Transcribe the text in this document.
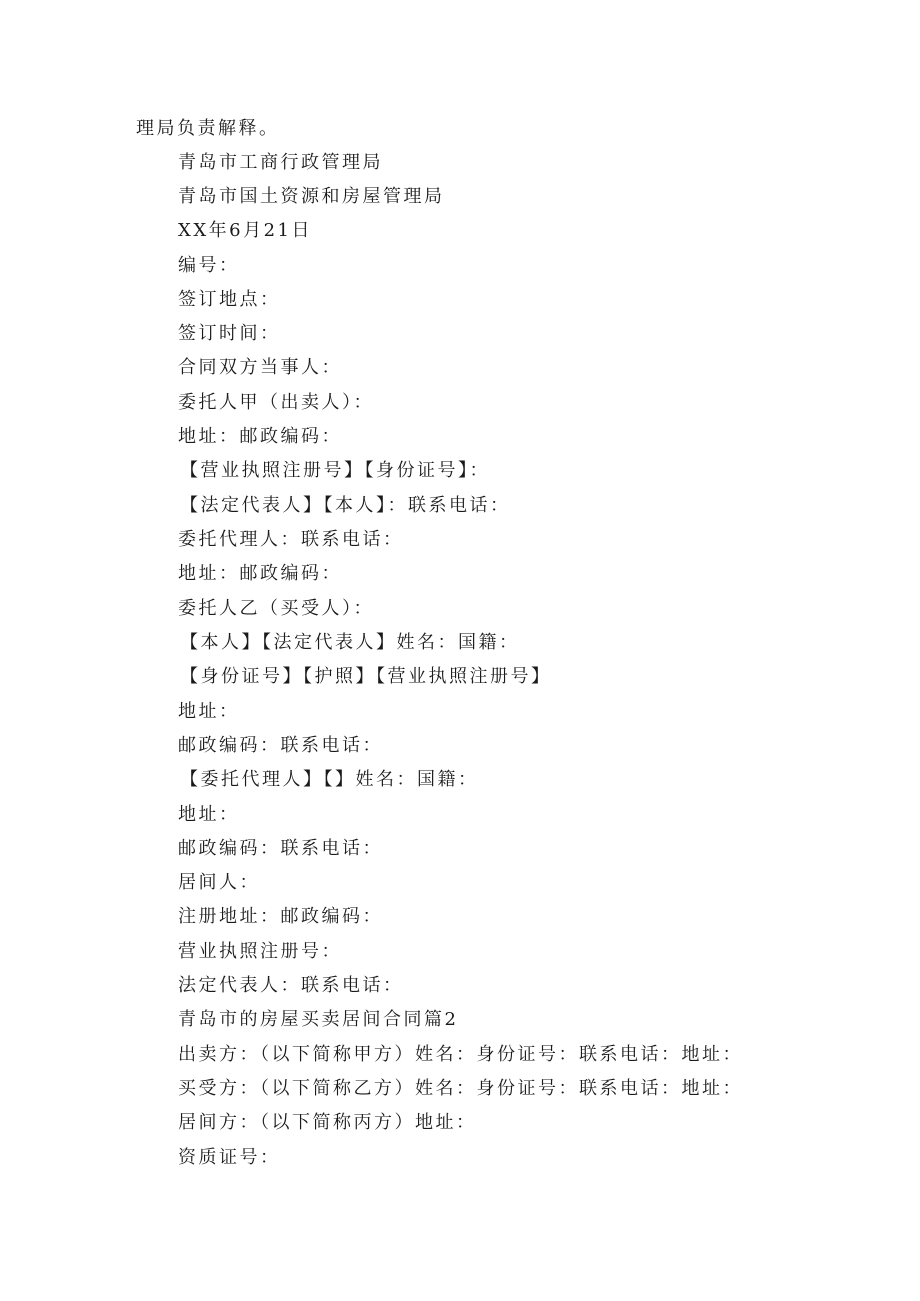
理局负责解释。
青岛市工商行政管理局
青岛市国土资源和房屋管理局
XX年6月21日
编号：
签订地点：
签订时间：
合同双方当事人：
委托人甲（出卖人）：
地址：邮政编码：
【营业执照注册号】【身份证号】：
【法定代表人】【本人】：联系电话：
委托代理人：联系电话：
地址：邮政编码：
委托人乙（买受人）：
【本人】【法定代表人】姓名：国籍：
【身份证号】【护照】【营业执照注册号】
地址：
邮政编码：联系电话：
【委托代理人】【】姓名：国籍：
地址：
邮政编码：联系电话：
居间人：
注册地址：邮政编码：
营业执照注册号：
法定代表人：联系电话：
青岛市的房屋买卖居间合同篇2
出卖方：（以下简称甲方）姓名：身份证号：联系电话：地址：
买受方：（以下简称乙方）姓名：身份证号：联系电话：地址：
居间方：（以下简称丙方）地址：
资质证号：
